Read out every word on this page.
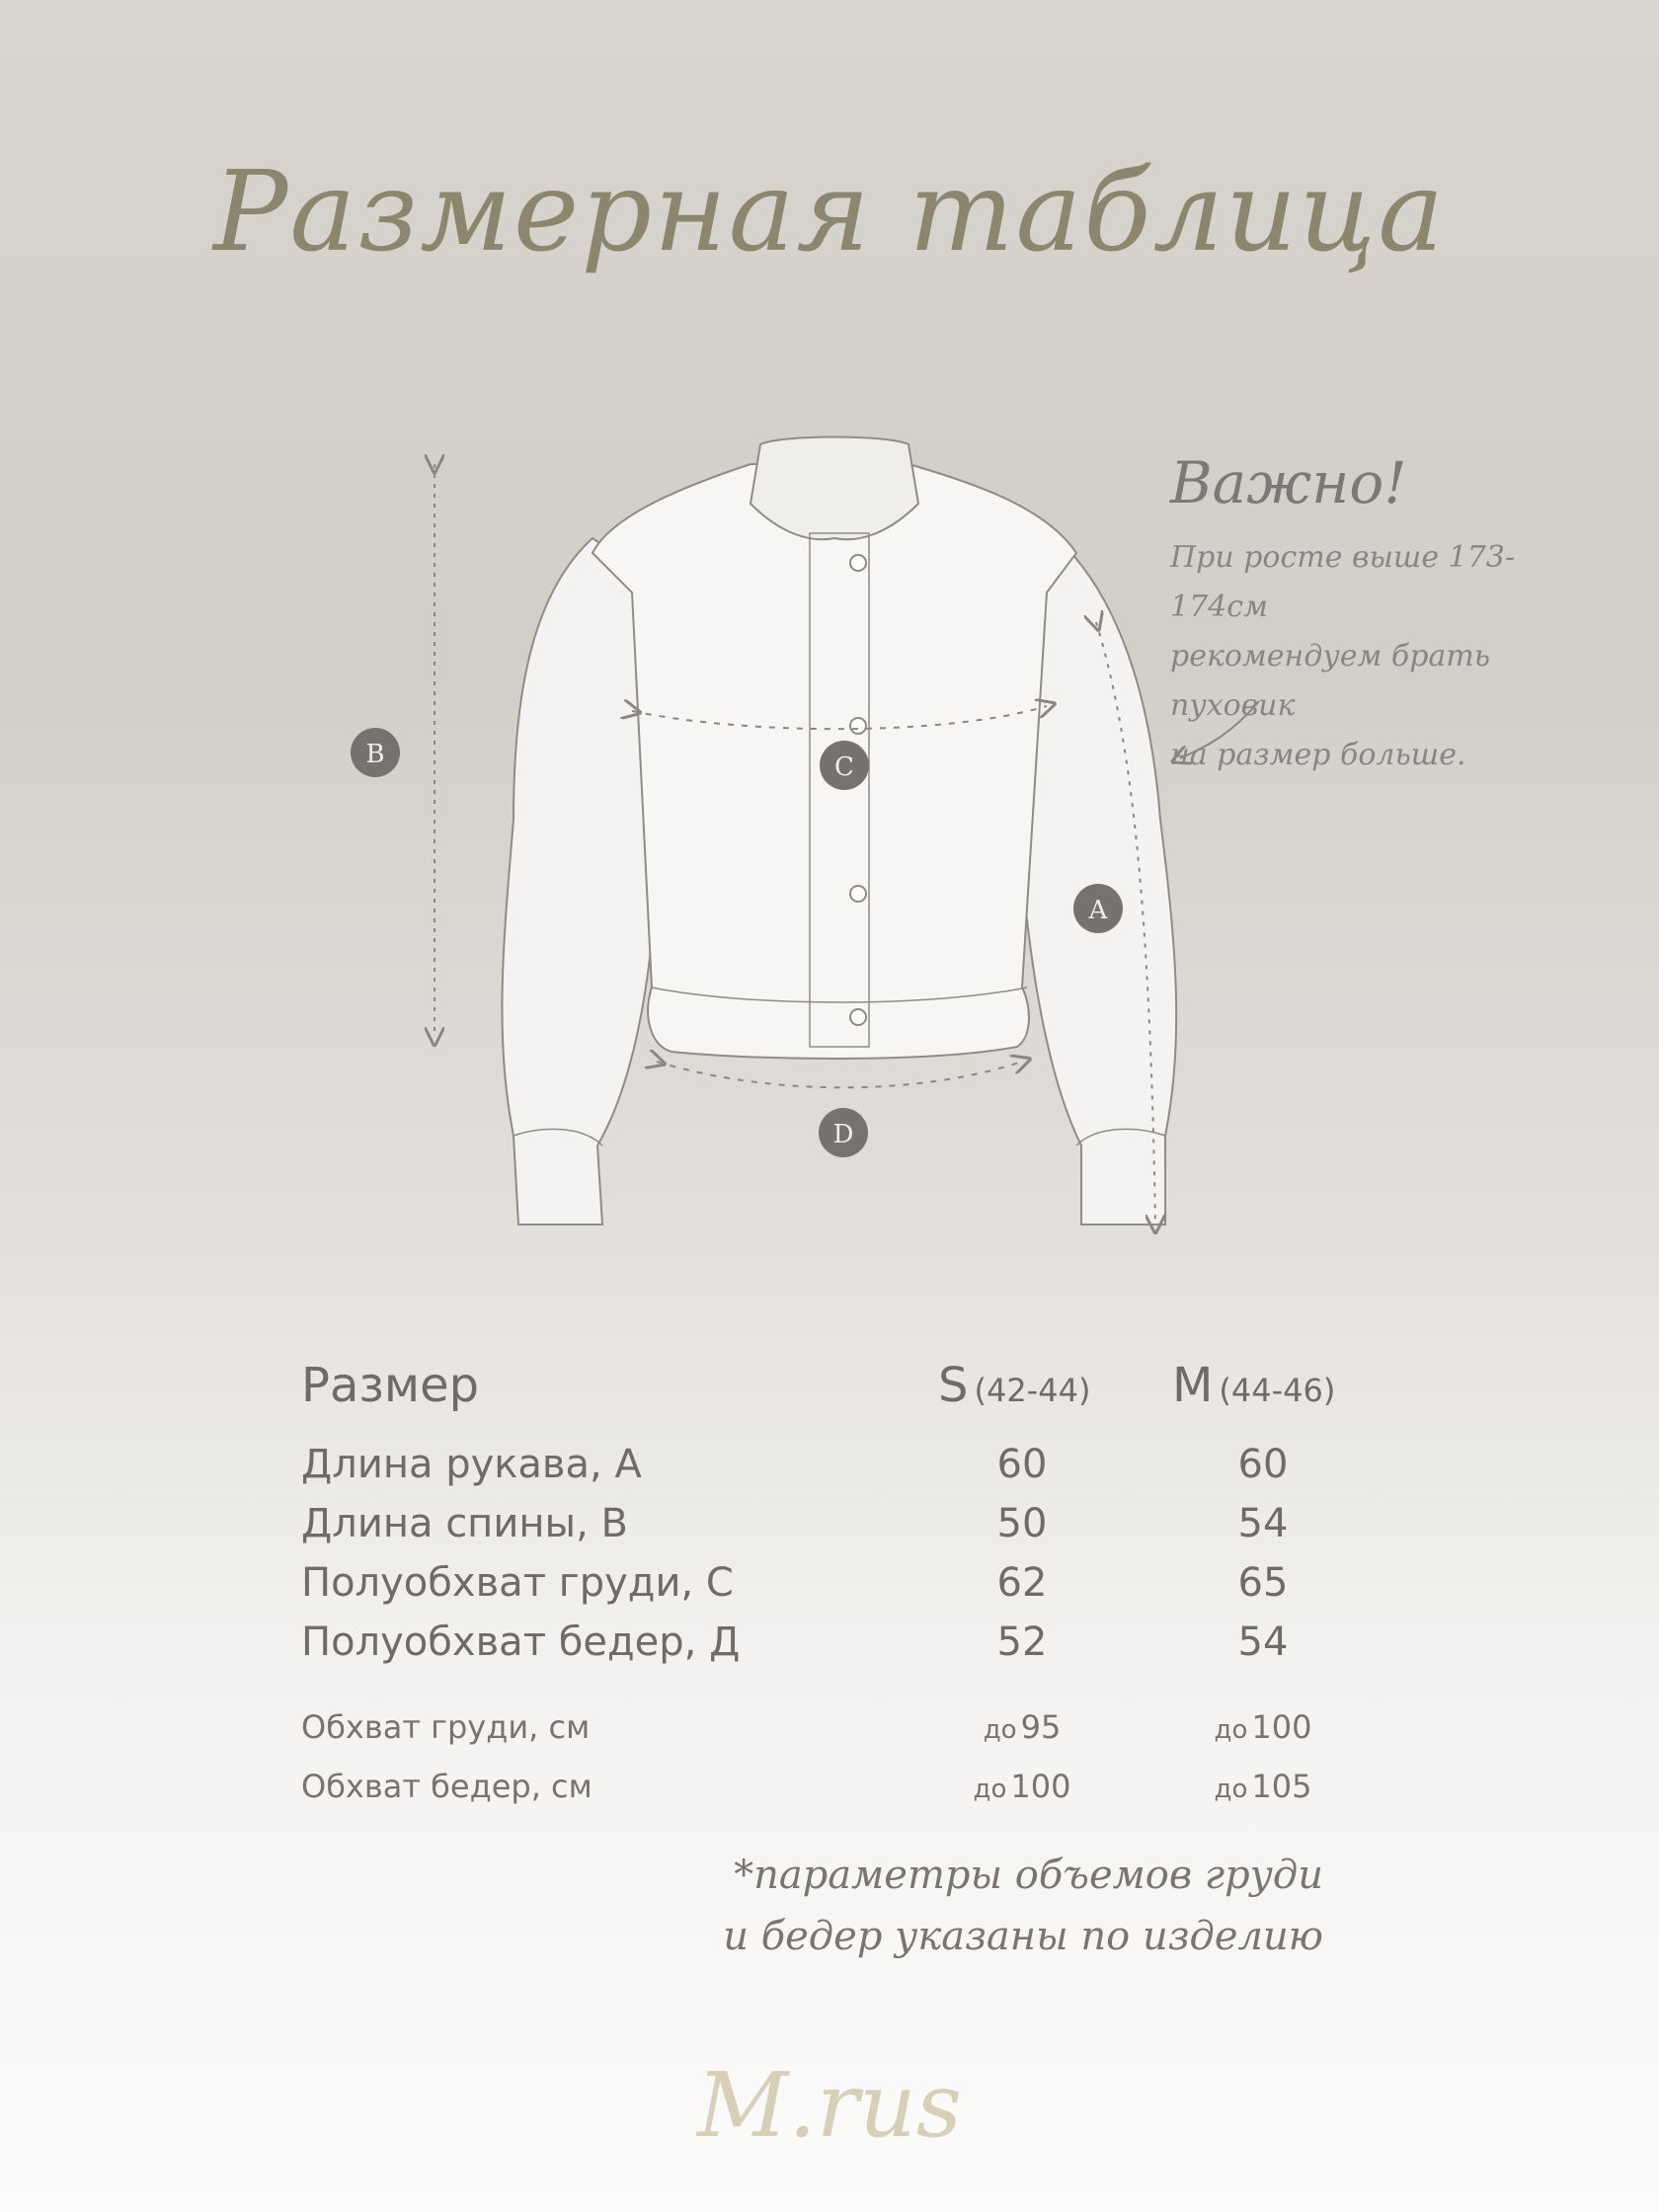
Размерная таблица
B	C
A
D
Важно!
При росте выше 173-174см
рекомендуем брать пуховик
на размер больше.
Размер	S (42-44)	M (44-46)
Длина рукава, А	60	60
Длина спины, В	50	54
Полуобхват груди, С	62	65
Полуобхват бедер, Д	52	54
Обхват груди, см	до 95	до 100
Обхват бедер, см	до 100	до 105
*параметры объемов груди
и бедер указаны по изделию
M.rus
